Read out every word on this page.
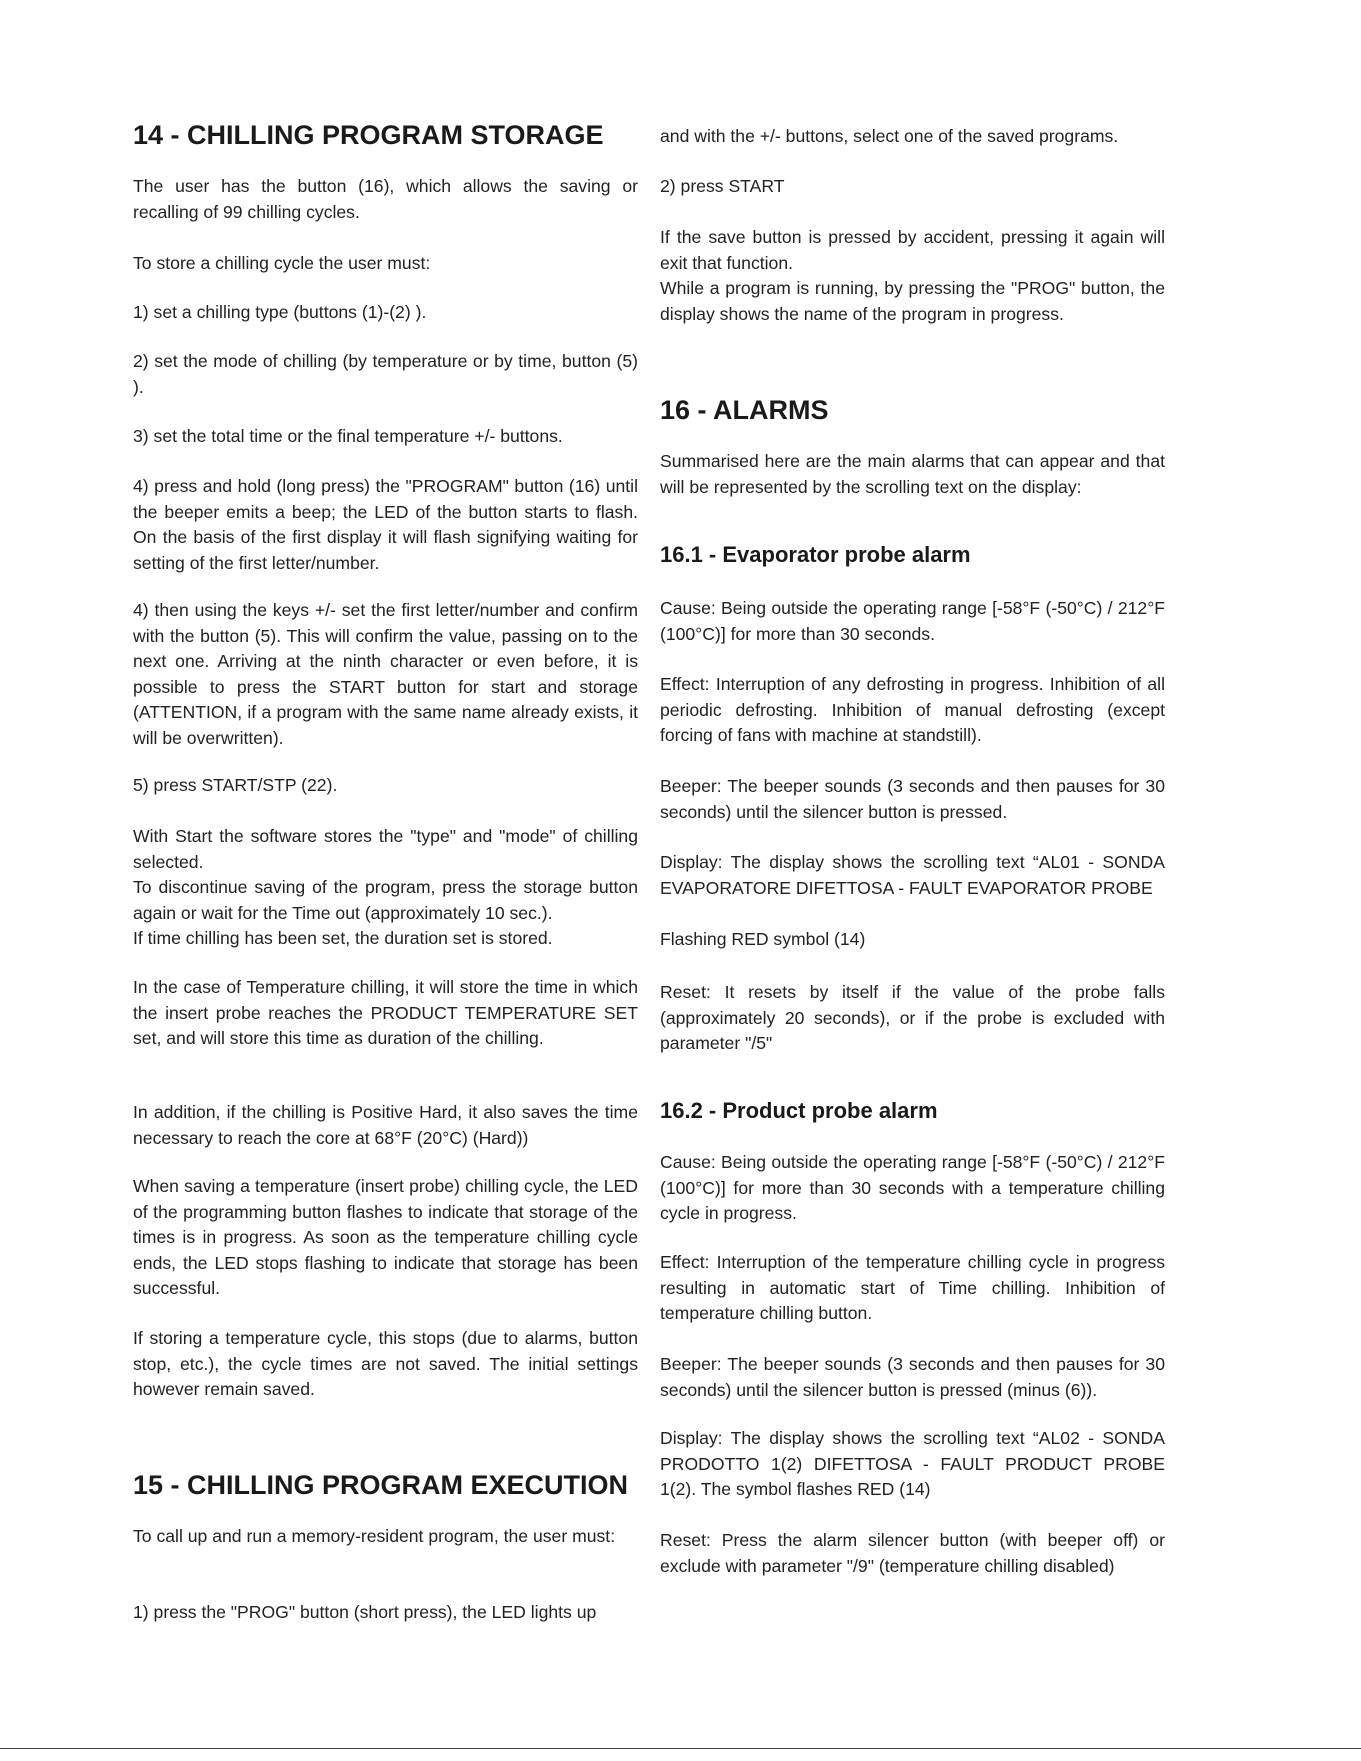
14 - CHILLING PROGRAM STORAGE

The user has the button (16), which allows the saving or recalling of 99 chilling cycles.

To store a chilling cycle the user must:

1) set a chilling type (buttons (1)-(2) ).

2) set the mode of chilling (by temperature or by time, button (5) ).

3) set the total time or the final temperature +/- buttons.

4) press and hold (long press) the "PROGRAM" button (16) until the beeper emits a beep; the LED of the button starts to flash. On the basis of the first display it will flash signifying waiting for setting of the first letter/number.

4) then using the keys +/- set the first letter/number and confirm with the button (5). This will confirm the value, passing on to the next one. Arriving at the ninth character or even before, it is possible to press the START button for start and storage (ATTENTION, if a program with the same name already exists, it will be overwritten).

5) press START/STP (22).

With Start the software stores the "type" and "mode" of chilling selected.

To discontinue saving of the program, press the storage button again or wait for the Time out (approximately 10 sec.).

If time chilling has been set, the duration set is stored.

In the case of Temperature chilling, it will store the time in which the insert probe reaches the PRODUCT TEMPERATURE SET set, and will store this time as duration of the chilling.

In addition, if the chilling is Positive Hard, it also saves the time necessary to reach the core at 68°F (20°C) (Hard))

When saving a temperature (insert probe) chilling cycle, the LED of the programming button flashes to indicate that storage of the times is in progress. As soon as the temperature chilling cycle ends, the LED stops flashing to indicate that storage has been successful.

If storing a temperature cycle, this stops (due to alarms, button stop, etc.), the cycle times are not saved. The initial settings however remain saved.

15 - CHILLING PROGRAM EXECUTION

To call up and run a memory-resident program, the user must:

1) press the "PROG" button (short press), the LED lights up

and with the +/- buttons, select one of the saved programs.

2) press START

If the save button is pressed by accident, pressing it again will exit that function.

While a program is running, by pressing the "PROG" button, the display shows the name of the program in progress.

16 - ALARMS

Summarised here are the main alarms that can appear and that will be represented by the scrolling text on the display:

16.1 - Evaporator probe alarm

Cause: Being outside the operating range [-58°F (-50°C) / 212°F (100°C)] for more than 30 seconds.

Effect: Interruption of any defrosting in progress. Inhibition of all periodic defrosting. Inhibition of manual defrosting (except forcing of fans with machine at standstill).

Beeper: The beeper sounds (3 seconds and then pauses for 30 seconds) until the silencer button is pressed.

Display: The display shows the scrolling text “AL01 - SONDA EVAPORATORE DIFETTOSA - FAULT EVAPORATOR PROBE

Flashing RED symbol (14)

Reset: It resets by itself if the value of the probe falls (approximately 20 seconds), or if the probe is excluded with parameter "/5"

16.2 - Product probe alarm

Cause: Being outside the operating range [-58°F (-50°C) / 212°F (100°C)] for more than 30 seconds with a temperature chilling cycle in progress.

Effect: Interruption of the temperature chilling cycle in progress resulting in automatic start of Time chilling. Inhibition of temperature chilling button.

Beeper: The beeper sounds (3 seconds and then pauses for 30 seconds) until the silencer button is pressed (minus (6)).

Display: The display shows the scrolling text “AL02 - SONDA PRODOTTO 1(2) DIFETTOSA - FAULT PRODUCT PROBE 1(2). The symbol flashes RED (14)

Reset: Press the alarm silencer button (with beeper off) or exclude with parameter "/9" (temperature chilling disabled)
